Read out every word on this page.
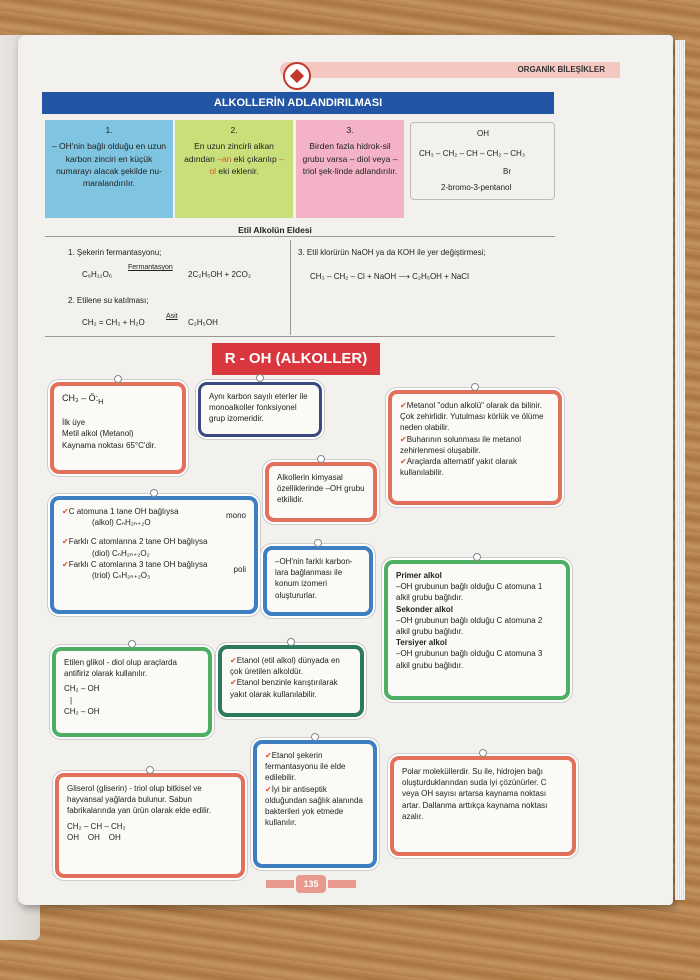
ORGANİK BİLEŞİKLER
ALKOLLERİN ADLANDIRILMASI
1.
– OH'nin bağlı olduğu en uzun karbon zinciri en küçük numarayı alacak şekilde nu-maralandırılır.
2.
En uzun zincirli alkan adından –an eki çıkarılıp –ol eki eklenir.
3.
Birden fazla hidrok-sil grubu varsa – diol veya –triol şek-linde adlandırılır.
OH
CH₃ – CH₂ – CH – CH₂ – CH₃
Br
2-bromo-3-pentanol
Etil Alkolün Eldesi
1. Şekerin fermantasyonu;
C₆H₁₂O₆
Fermantasyon
2C₂H₅OH + 2CO₂
2. Etilene su katılması;
CH₂ = CH₂ + H₂O
Asit
C₂H₅OH
3. Etil klorürün NaOH ya da KOH ile yer değiştirmesi;
CH₃ – CH₂ – Cl + NaOH ⟶ C₂H₅OH + NaCl
R - OH (ALKOLLER)
$CH_3 - Ö:_H$
İlk üye
Metil alkol (Metanol)
Kaynama noktası 65°C'dir.
Aynı karbon sayılı eterler ile monoalkoller fonksiyonel grup izomeridir.
✔Metanol "odun alkolü" olarak da bilinir. Çok zehirlidir. Yutulması körlük ve ölüme neden olabilir.
✔Buharının solunması ile metanol zehirlenmesi oluşabilir.
✔Araçlarda alternatif yakıt olarak kullanılabilir.
Alkollerin kimyasal özelliklerinde –OH grubu etkilidir.
✔C atomuna 1 tane OH bağlıysa	mono
(alkol) CₙH₂ₙ₊₂O
✔Farklı C atomlarına 2 tane OH bağlıysa
(diol) CₙH₂ₙ₊₂O₂
✔Farklı C atomlarına 3 tane OH bağlıysa
poli
(triol) CₙH₂ₙ₊₂O₃
–OH'nin farklı karbon-lara bağlanması ile konum izomeri oluştururlar.
Primer alkol
–OH grubunun bağlı olduğu C atomuna 1 alkil grubu bağlıdır.
Sekonder alkol
–OH grubunun bağlı olduğu C atomuna 2 alkil grubu bağlıdır.
Tersiyer alkol
–OH grubunun bağlı olduğu C atomuna 3 alkil grubu bağlıdır.
Etilen glikol - diol olup araçlarda antifiriz olarak kullanılır.
CH₂ – OH
|
CH₂ – OH
✔Etanol (etil alkol) dünyada en çok üretilen alkoldür.
✔Etanol benzinle karıştırılarak yakıt olarak kullanılabilir.
✔Etanol şekerin fermantasyonu ile elde edilebilir.
✔İyi bir antiseptik olduğundan sağlık alanında bakterileri yok etmede kullanılır.
Gliserol (gliserin) - triol olup bitkisel ve hayvansal yağlarda bulunur. Sabun fabrikalarında yan ürün olarak elde edilir.
CH₂ – CH – CH₂
OH    OH    OH
Polar moleküllerdir. Su ile, hidrojen bağı oluşturduklarından suda iyi çözünürler. C veya OH sayısı artarsa kaynama noktası artar. Dallanma arttıkça kaynama noktası azalır.
135
